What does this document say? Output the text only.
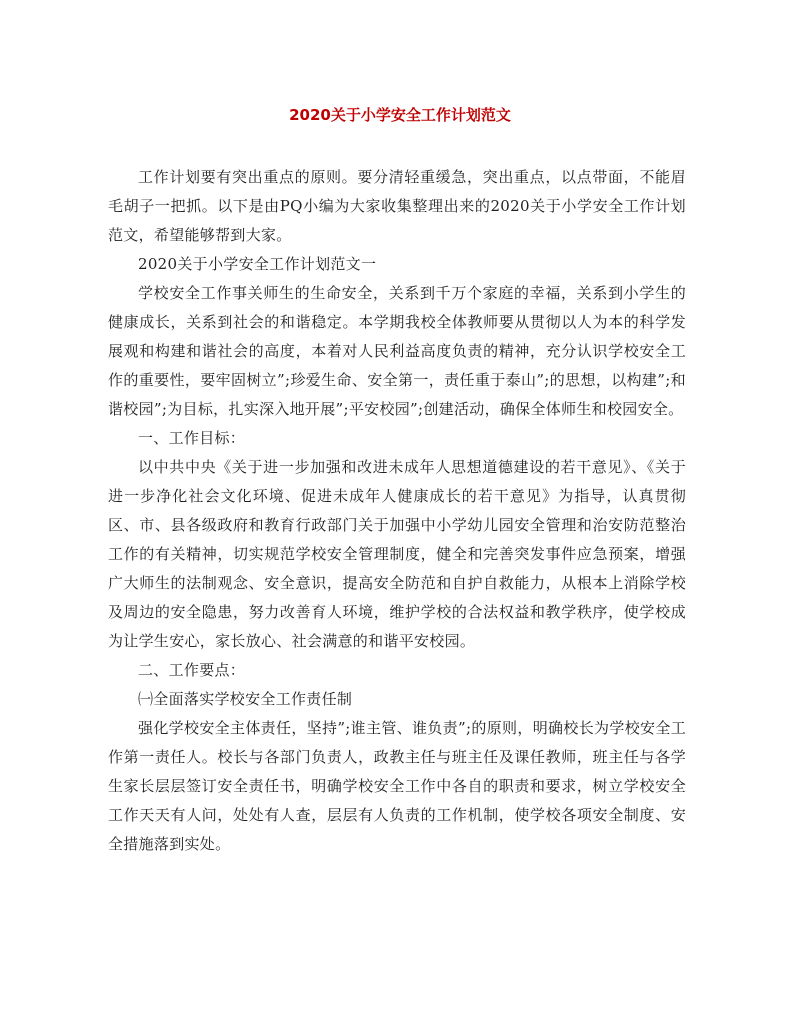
2020关于小学安全工作计划范文

工作计划要有突出重点的原则。要分清轻重缓急，突出重点，以点带面，不能眉毛胡子一把抓。以下是由PQ小编为大家收集整理出来的2020关于小学安全工作计划范文，希望能够帮到大家。

2020关于小学安全工作计划范文一

学校安全工作事关师生的生命安全，关系到千万个家庭的幸福，关系到小学生的健康成长，关系到社会的和谐稳定。本学期我校全体教师要从贯彻以人为本的科学发展观和构建和谐社会的高度，本着对人民利益高度负责的精神，充分认识学校安全工作的重要性，要牢固树立”;珍爱生命、安全第一，责任重于泰山”;的思想，以构建”;和谐校园”;为目标，扎实深入地开展”;平安校园”;创建活动，确保全体师生和校园安全。

一、工作目标：

以中共中央《关于进一步加强和改进未成年人思想道德建设的若干意见》、《关于进一步净化社会文化环境、促进未成年人健康成长的若干意见》为指导，认真贯彻区、市、县各级政府和教育行政部门关于加强中小学幼儿园安全管理和治安防范整治工作的有关精神，切实规范学校安全管理制度，健全和完善突发事件应急预案，增强广大师生的法制观念、安全意识，提高安全防范和自护自救能力，从根本上消除学校及周边的安全隐患，努力改善育人环境，维护学校的合法权益和教学秩序，使学校成为让学生安心，家长放心、社会满意的和谐平安校园。

二、工作要点：

㈠全面落实学校安全工作责任制

强化学校安全主体责任，坚持”;谁主管、谁负责”;的原则，明确校长为学校安全工作第一责任人。校长与各部门负责人，政教主任与班主任及课任教师，班主任与各学生家长层层签订安全责任书，明确学校安全工作中各自的职责和要求，树立学校安全工作天天有人问，处处有人查，层层有人负责的工作机制，使学校各项安全制度、安全措施落到实处。
